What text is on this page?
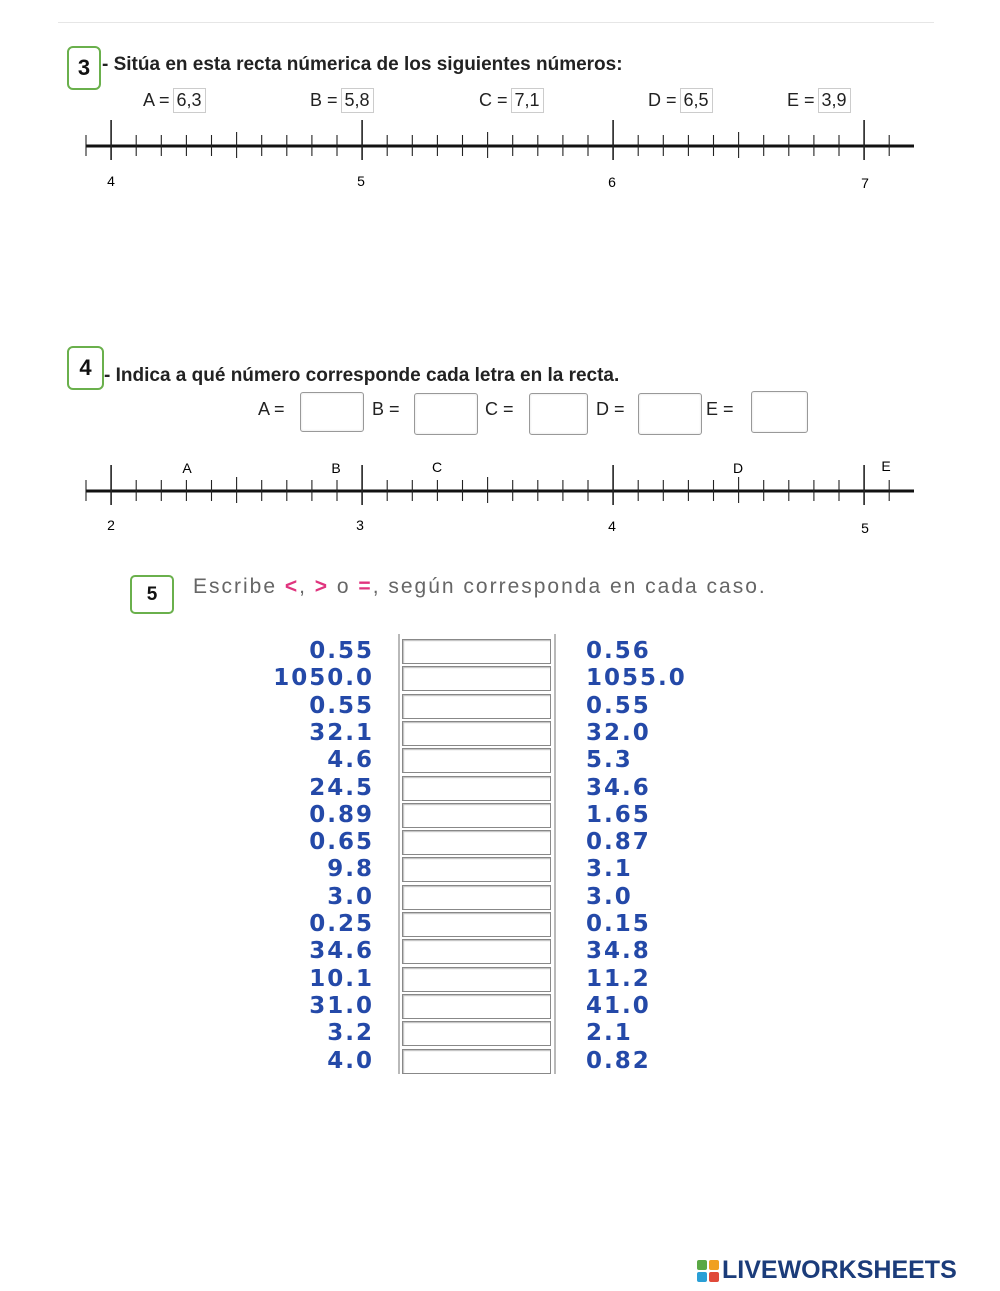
3 - Sitúa en esta recta númerica de los siguientes números:
A = 6,3	B = 5,8	C = 7,1	D = 6,5	E = 3,9
4	5	6	7
4 - Indica a qué número corresponde cada letra en la recta.
A =	B =	C =	D =	E =
A	B	C	D	E
2	3	4	5
5	Escribe <, > o =, según corresponda en cada caso.
0.55	0.56
1050.0	1055.0
0.55	0.55
32.1	32.0
4.6	5.3
24.5	34.6
0.89	1.65
0.65	0.87
9.8	3.1
3.0	3.0
0.25	0.15
34.6	34.8
10.1	11.2
31.0	41.0
3.2	2.1
4.0	0.82
LIVEWORKSHEETS
